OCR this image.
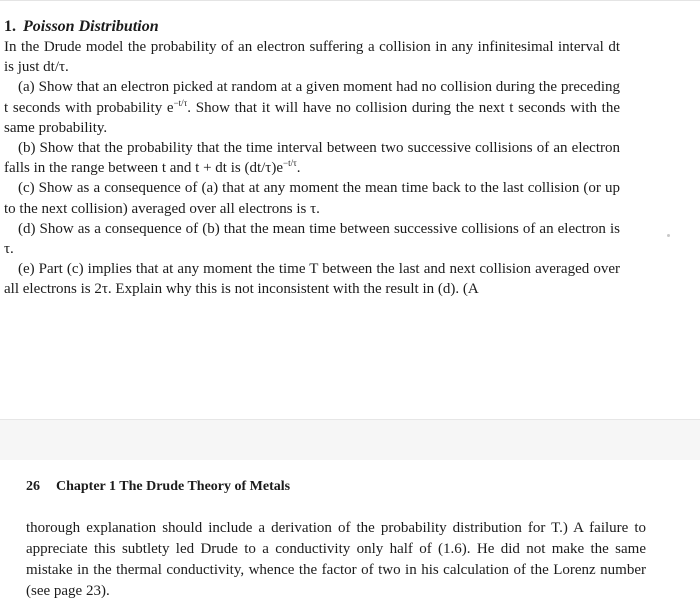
1. Poisson Distribution

In the Drude model the probability of an electron suffering a collision in any infinitesimal interval dt is just dt/τ.

(a) Show that an electron picked at random at a given moment had no collision during the preceding t seconds with probability $e^{-t/\tau}$. Show that it will have no collision during the next t seconds with the same probability.

(b) Show that the probability that the time interval between two successive collisions of an electron falls in the range between t and t + dt is $(dt/\tau)e^{-t/\tau}$.

(c) Show as a consequence of (a) that at any moment the mean time back to the last collision (or up to the next collision) averaged over all electrons is τ.

(d) Show as a consequence of (b) that the mean time between successive collisions of an electron is τ.

(e) Part (c) implies that at any moment the time T between the last and next collision averaged over all electrons is 2τ. Explain why this is not inconsistent with the result in (d). (A

26 Chapter 1 The Drude Theory of Metals

thorough explanation should include a derivation of the probability distribution for T.) A failure to appreciate this subtlety led Drude to a conductivity only half of (1.6). He did not make the same mistake in the thermal conductivity, whence the factor of two in his calculation of the Lorenz number (see page 23).
